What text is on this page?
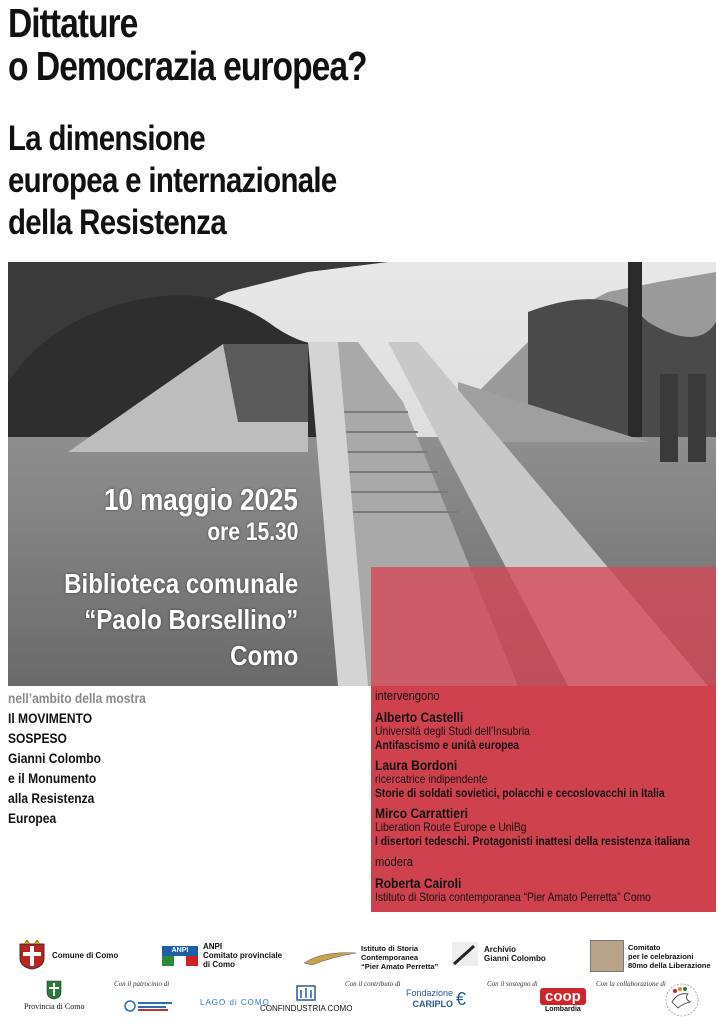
Dittature
o Democrazia europea?
La dimensione
europea e internazionale
della Resistenza
10 maggio 2025
ore 15.30
Biblioteca comunale
“Paolo Borsellino”
Como
nell’ambito della mostra
Il MOVIMENTO
SOSPESO
Gianni Colombo
e il Monumento
alla Resistenza
Europea
intervengono
Alberto Castelli
Università degli Studi dell’Insubria
Antifascismo e unità europea
Laura Bordoni
ricercatrice indipendente
Storie di soldati sovietici, polacchi e cecoslovacchi in Italia
Mirco Carrattieri
Liberation Route Europe e UniBg
I disertori tedeschi. Protagonisti inattesi della resistenza italiana
modera
Roberta Cairoli
Istituto di Storia contemporanea “Pier Amato Perretta” Como
Comune di Como
ANPI	ANPI
Comitato provinciale
di Como
Istituto di Storia
Contemporanea
“Pier Amato Perretta”
Archivio
Gianni Colombo
Comitato
per le celebrazioni
80mo della Liberazione
Con il patrocinio di
Provincia di Como	LAGO di COMO
CONFINDUSTRIA COMO
Con il contributo di
Fondazione
CARIPLO €
Con il sostegno di
coop
Lombardia
Con la collaborazione di
